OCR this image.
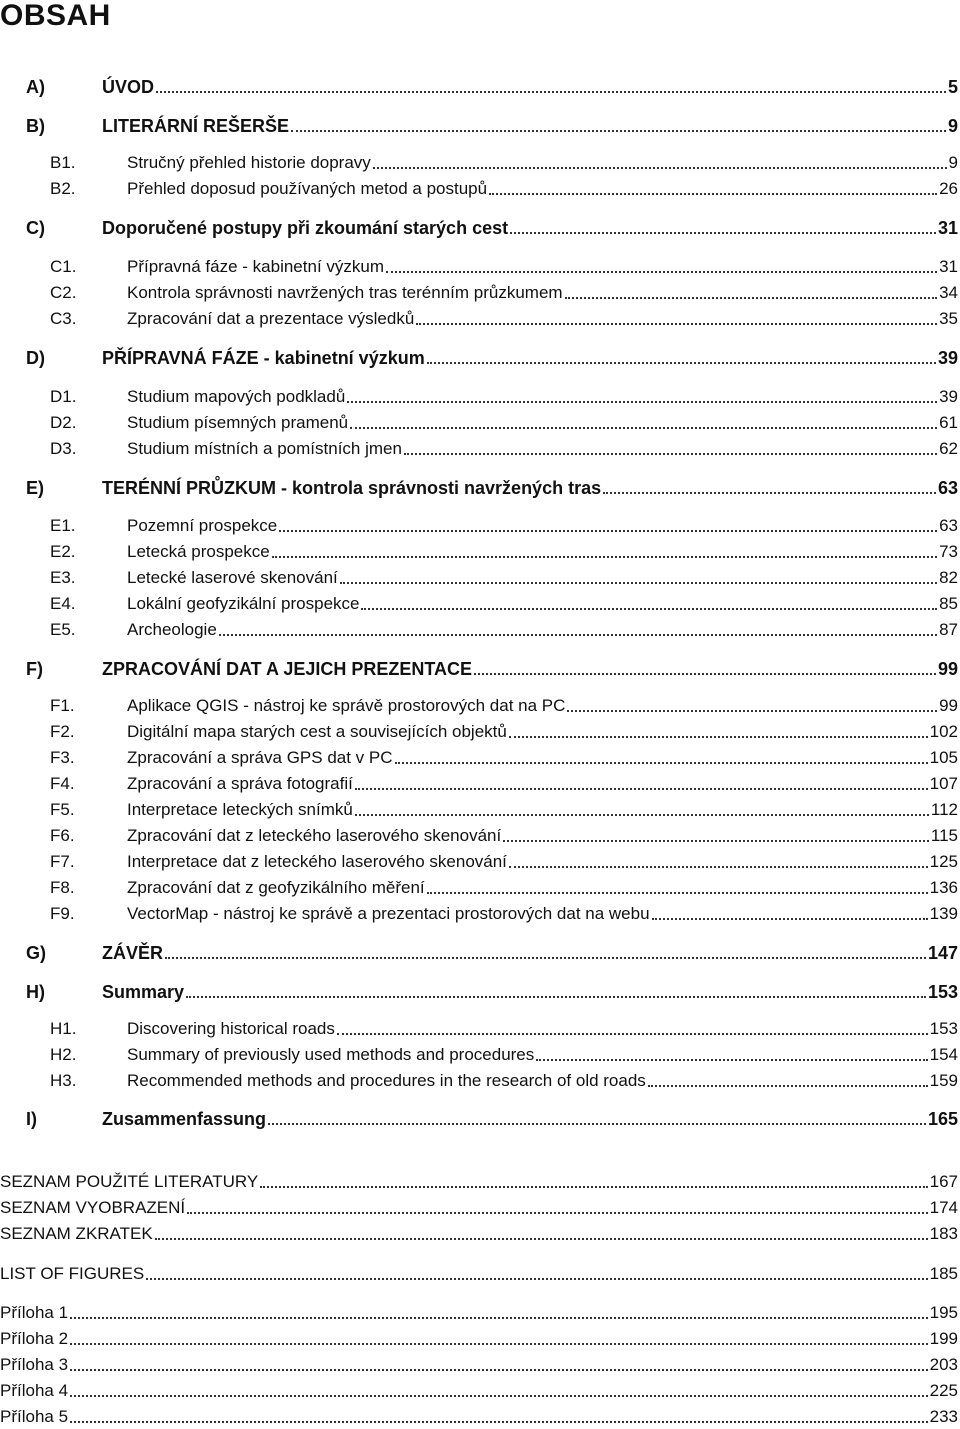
OBSAH
A)	ÚVOD	5
B)	LITERÁRNÍ REŠERŠE	9
B1.	Stručný přehled historie dopravy	9
B2.	Přehled doposud používaných metod a postupů	26
C)	Doporučené postupy při zkoumání starých cest	31
C1.	Přípravná fáze - kabinetní výzkum	31
C2.	Kontrola správnosti navržených tras terénním průzkumem	34
C3.	Zpracování dat a prezentace výsledků	35
D)	PŘÍPRAVNÁ FÁZE - kabinetní výzkum	39
D1.	Studium mapových podkladů	39
D2.	Studium písemných pramenů	61
D3.	Studium místních a pomístních jmen	62
E)	TERÉNNÍ PRŮZKUM - kontrola správnosti navržených tras	63
E1.	Pozemní prospekce	63
E2.	Letecká prospekce	73
E3.	Letecké laserové skenování	82
E4.	Lokální geofyzikální prospekce	85
E5.	Archeologie	87
F)	ZPRACOVÁNÍ DAT A JEJICH PREZENTACE	99
F1.	Aplikace QGIS - nástroj ke správě prostorových dat na PC	99
F2.	Digitální mapa starých cest a souvisejících objektů	102
F3.	Zpracování a správa GPS dat v PC	105
F4.	Zpracování a správa fotografií	107
F5.	Interpretace leteckých snímků	112
F6.	Zpracování dat z leteckého laserového skenování	115
F7.	Interpretace dat z leteckého laserového skenování	125
F8.	Zpracování dat z geofyzikálního měření	136
F9.	VectorMap - nástroj ke správě a prezentaci prostorových dat na webu	139
G)	ZÁVĚR	147
H)	Summary	153
H1.	Discovering historical roads	153
H2.	Summary of previously used methods and procedures	154
H3.	Recommended methods and procedures in the research of old roads	159
I)	Zusammenfassung	165
SEZNAM POUŽITÉ LITERATURY	167
SEZNAM VYOBRAZENÍ	174
SEZNAM ZKRATEK	183
LIST OF FIGURES	185
Příloha 1	195
Příloha 2	199
Příloha 3	203
Příloha 4	225
Příloha 5	233
